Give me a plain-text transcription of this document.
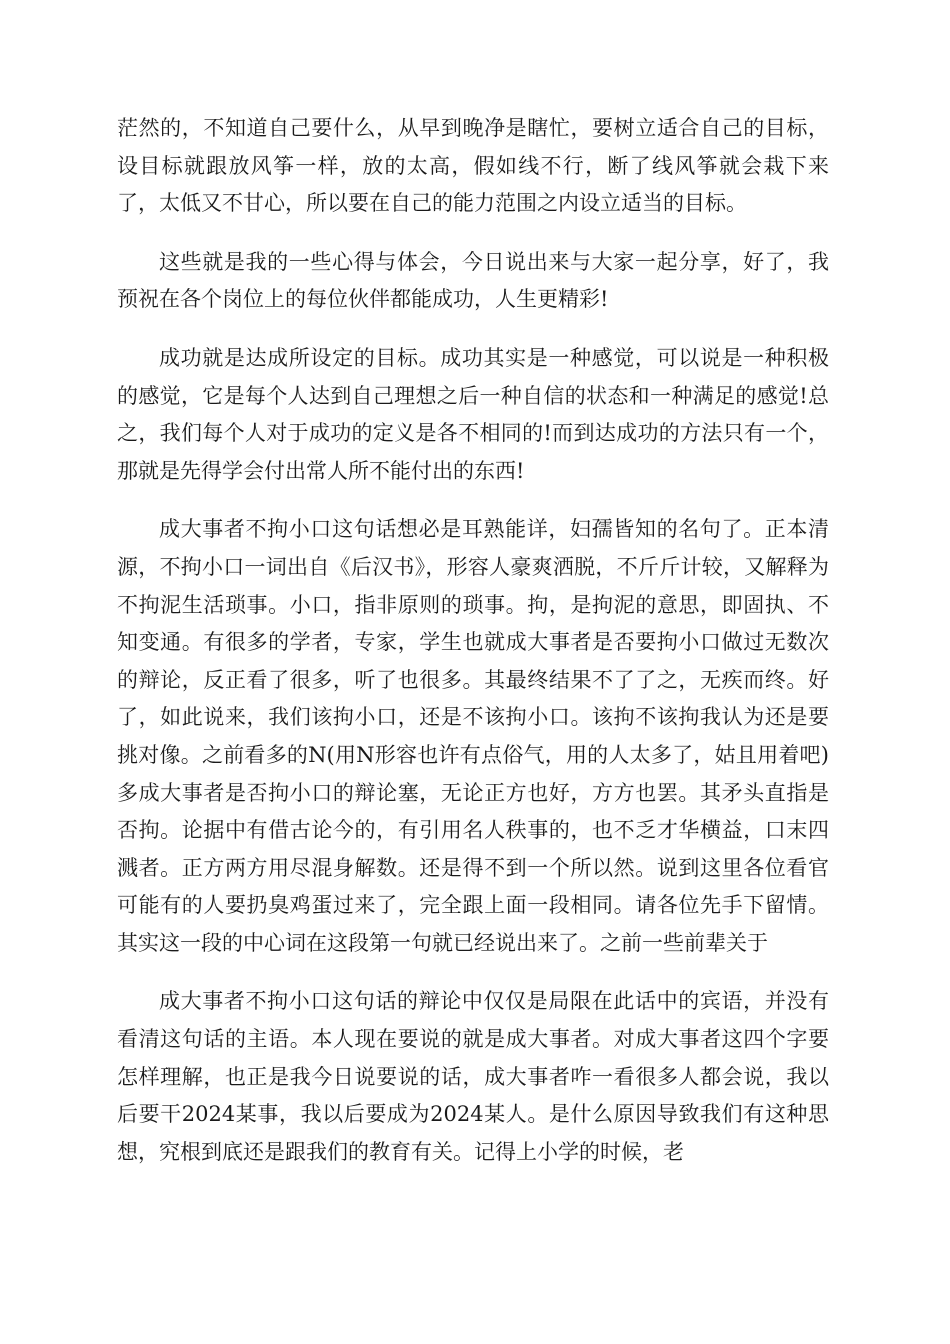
茫然的，不知道自己要什么，从早到晚净是瞎忙，要树立适合自己的目标，设目标就跟放风筝一样，放的太高，假如线不行，断了线风筝就会栽下来了，太低又不甘心，所以要在自己的能力范围之内设立适当的目标。

这些就是我的一些心得与体会，今日说出来与大家一起分享，好了，我预祝在各个岗位上的每位伙伴都能成功，人生更精彩!

成功就是达成所设定的目标。成功其实是一种感觉，可以说是一种积极的感觉，它是每个人达到自己理想之后一种自信的状态和一种满足的感觉!总之，我们每个人对于成功的定义是各不相同的!而到达成功的方法只有一个，那就是先得学会付出常人所不能付出的东西!

成大事者不拘小口这句话想必是耳熟能详，妇孺皆知的名句了。正本清源，不拘小口一词出自《后汉书》，形容人豪爽洒脱，不斤斤计较，又解释为不拘泥生活琐事。小口，指非原则的琐事。拘，是拘泥的意思，即固执、不知变通。有很多的学者，专家，学生也就成大事者是否要拘小口做过无数次的辩论，反正看了很多，听了也很多。其最终结果不了了之，无疾而终。好了，如此说来，我们该拘小口，还是不该拘小口。该拘不该拘我认为还是要挑对像。之前看多的N(用N形容也许有点俗气，用的人太多了，姑且用着吧)多成大事者是否拘小口的辩论塞，无论正方也好，方方也罢。其矛头直指是否拘。论据中有借古论今的，有引用名人秩事的，也不乏才华横益，口末四溅者。正方两方用尽混身解数。还是得不到一个所以然。说到这里各位看官可能有的人要扔臭鸡蛋过来了，完全跟上面一段相同。请各位先手下留情。其实这一段的中心词在这段第一句就已经说出来了。之前一些前辈关于

成大事者不拘小口这句话的辩论中仅仅是局限在此话中的宾语，并没有看清这句话的主语。本人现在要说的就是成大事者。对成大事者这四个字要怎样理解，也正是我今日说要说的话，成大事者咋一看很多人都会说，我以后要干2024某事，我以后要成为2024某人。是什么原因导致我们有这种思想，究根到底还是跟我们的教育有关。记得上小学的时候，老
